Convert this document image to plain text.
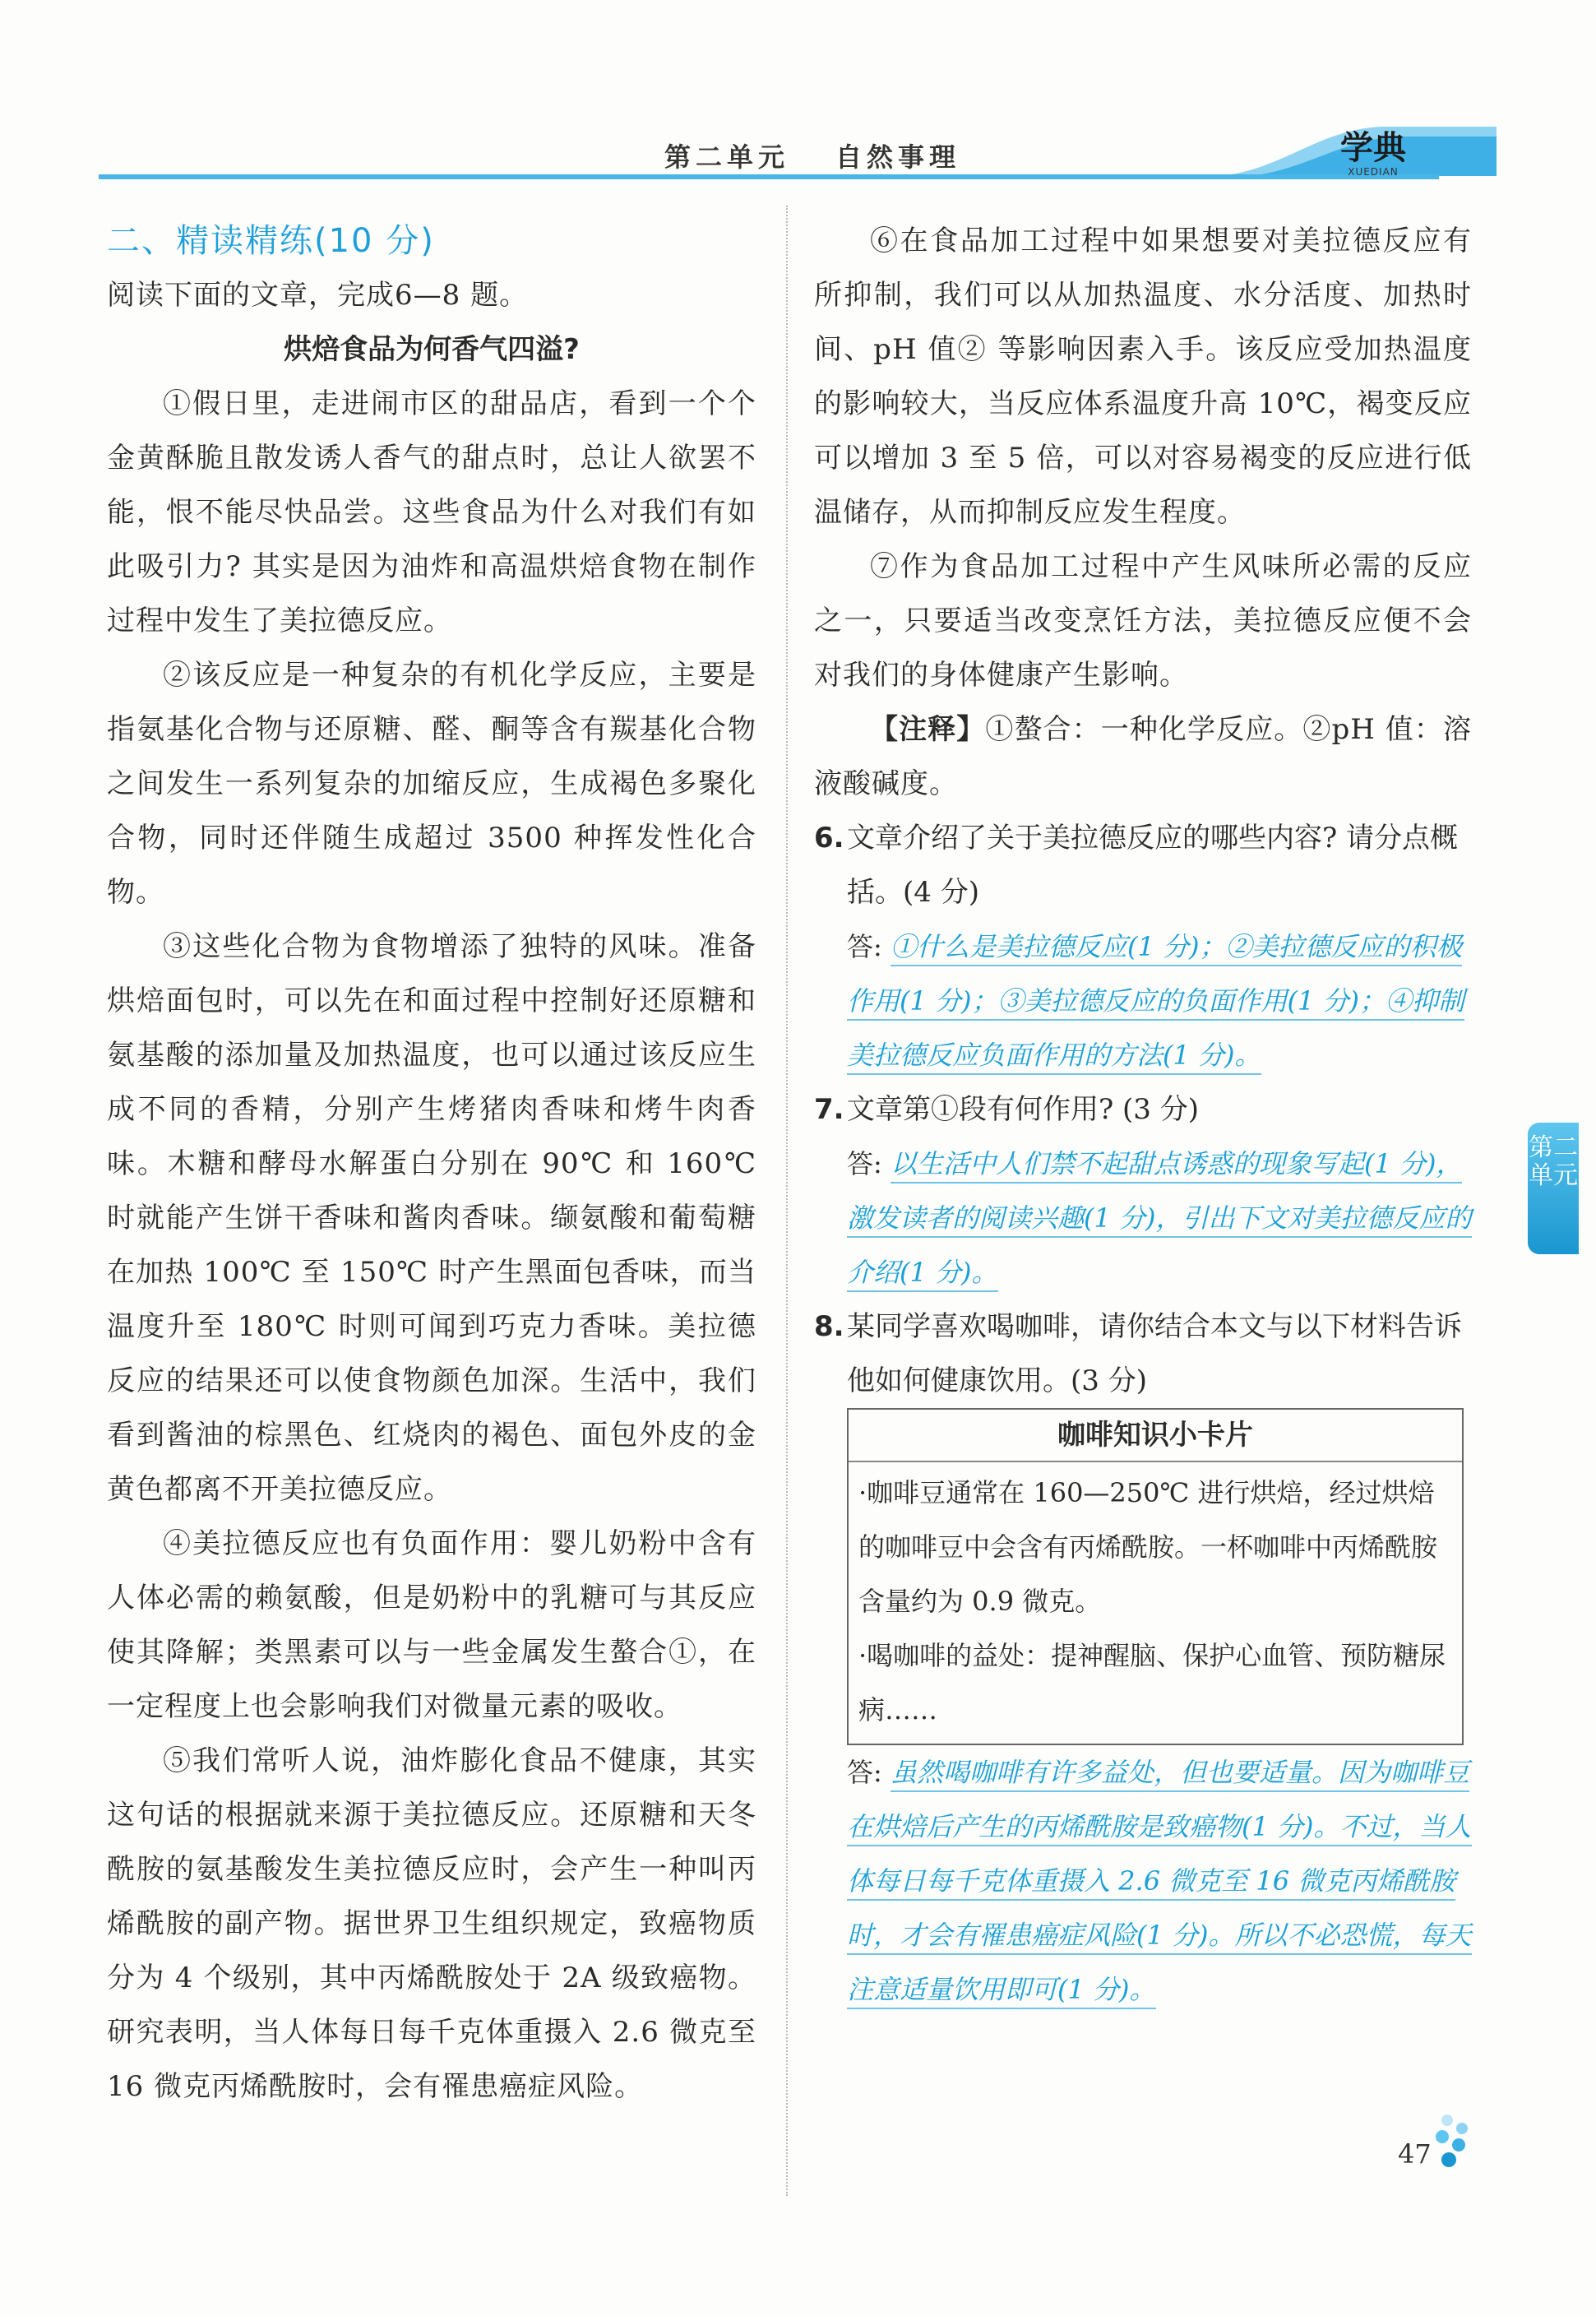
第二单元 自然事理	学典
XUEDIAN
二、精读精练(10 分)
阅读下面的文章，完成6—8 题。
烘焙食品为何香气四溢?
①假日里，走进闹市区的甜品店，看到一个个金黄酥脆且散发诱人香气的甜点时，总让人欲罢不能，恨不能尽快品尝。这些食品为什么对我们有如此吸引力? 其实是因为油炸和高温烘焙食物在制作过程中发生了美拉德反应。
②该反应是一种复杂的有机化学反应，主要是指氨基化合物与还原糖、醛、酮等含有羰基化合物之间发生一系列复杂的加缩反应，生成褐色多聚化合物，同时还伴随生成超过 3500 种挥发性化合物。
③这些化合物为食物增添了独特的风味。准备烘焙面包时，可以先在和面过程中控制好还原糖和氨基酸的添加量及加热温度，也可以通过该反应生成不同的香精，分别产生烤猪肉香味和烤牛肉香味。木糖和酵母水解蛋白分别在 90℃ 和 160℃ 时就能产生饼干香味和酱肉香味。缬氨酸和葡萄糖在加热 100℃ 至 150℃ 时产生黑面包香味，而当温度升至 180℃ 时则可闻到巧克力香味。美拉德反应的结果还可以使食物颜色加深。生活中，我们看到酱油的棕黑色、红烧肉的褐色、面包外皮的金黄色都离不开美拉德反应。
④美拉德反应也有负面作用：婴儿奶粉中含有人体必需的赖氨酸，但是奶粉中的乳糖可与其反应使其降解；类黑素可以与一些金属发生螯合①，在一定程度上也会影响我们对微量元素的吸收。
⑤我们常听人说，油炸膨化食品不健康，其实这句话的根据就来源于美拉德反应。还原糖和天冬酰胺的氨基酸发生美拉德反应时，会产生一种叫丙烯酰胺的副产物。据世界卫生组织规定，致癌物质分为 4 个级别，其中丙烯酰胺处于 2A 级致癌物。研究表明，当人体每日每千克体重摄入 2.6 微克至 16 微克丙烯酰胺时，会有罹患癌症风险。
⑥在食品加工过程中如果想要对美拉德反应有所抑制，我们可以从加热温度、水分活度、加热时间、pH 值② 等影响因素入手。该反应受加热温度的影响较大，当反应体系温度升高 10℃，褐变反应可以增加 3 至 5 倍，可以对容易褐变的反应进行低温储存，从而抑制反应发生程度。
⑦作为食品加工过程中产生风味所必需的反应之一，只要适当改变烹饪方法，美拉德反应便不会对我们的身体健康产生影响。
【注释】①螯合：一种化学反应。②pH 值：溶液酸碱度。
6. 文章介绍了关于美拉德反应的哪些内容? 请分点概括。(4 分)
答: ①什么是美拉德反应(1 分)；②美拉德反应的积极作用(1 分)；③美拉德反应的负面作用(1 分)；④抑制美拉德反应负面作用的方法(1 分)。
7. 文章第①段有何作用? (3 分)
答: 以生活中人们禁不起甜点诱惑的现象写起(1 分)，激发读者的阅读兴趣(1 分)，引出下文对美拉德反应的介绍(1 分)。
8. 某同学喜欢喝咖啡，请你结合本文与以下材料告诉他如何健康饮用。(3 分)
咖啡知识小卡片
·咖啡豆通常在 160—250℃ 进行烘焙，经过烘焙的咖啡豆中会含有丙烯酰胺。一杯咖啡中丙烯酰胺含量约为 0.9 微克。
·喝咖啡的益处：提神醒脑、保护心血管、预防糖尿病……
答: 虽然喝咖啡有许多益处，但也要适量。因为咖啡豆在烘焙后产生的丙烯酰胺是致癌物(1 分)。不过，当人体每日每千克体重摄入 2.6 微克至 16 微克丙烯酰胺时，才会有罹患癌症风险(1 分)。所以不必恐慌，每天注意适量饮用即可(1 分)。
第二单元
47
